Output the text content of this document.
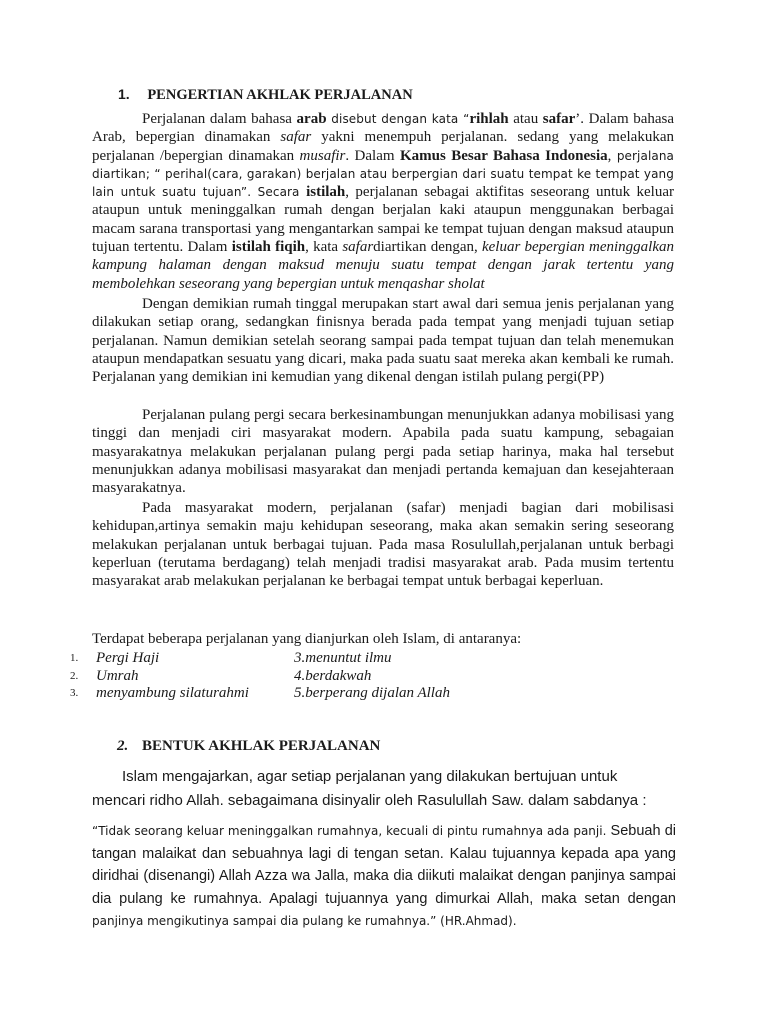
1. PENGERTIAN AKHLAK PERJALANAN

Perjalanan dalam bahasa arab disebut dengan kata “rihlah atau safar’. Dalam bahasa Arab, bepergian dinamakan safar yakni menempuh perjalanan. sedang yang melakukan perjalanan /bepergian dinamakan musafir. Dalam Kamus Besar Bahasa Indonesia, perjalana diartikan; “ perihal(cara, garakan) berjalan atau berpergian dari suatu tempat ke tempat yang lain untuk suatu tujuan”. Secara istilah, perjalanan sebagai aktifitas seseorang untuk keluar ataupun untuk meninggalkan rumah dengan berjalan kaki ataupun menggunakan berbagai macam sarana transportasi yang mengantarkan sampai ke tempat tujuan dengan maksud ataupun tujuan tertentu. Dalam istilah fiqih, kata safardiartikan dengan, keluar bepergian meninggalkan kampung halaman dengan maksud menuju suatu tempat dengan jarak tertentu yang membolehkan seseorang yang bepergian untuk menqashar sholat

Dengan demikian rumah tinggal merupakan start awal dari semua jenis perjalanan yang dilakukan setiap orang, sedangkan finisnya berada pada tempat yang menjadi tujuan setiap perjalanan. Namun demikian setelah seorang sampai pada tempat tujuan dan telah menemukan ataupun mendapatkan sesuatu yang dicari, maka pada suatu saat mereka akan kembali ke rumah. Perjalanan yang demikian ini kemudian yang dikenal dengan istilah pulang pergi(PP)

Perjalanan pulang pergi secara berkesinambungan menunjukkan adanya mobilisasi yang tinggi dan menjadi ciri masyarakat modern. Apabila pada suatu kampung, sebagaian masyarakatnya melakukan perjalanan pulang pergi pada setiap harinya, maka hal tersebut menunjukkan adanya mobilisasi masyarakat dan menjadi pertanda kemajuan dan kesejahteraan masyarakatnya.

Pada masyarakat modern, perjalanan (safar) menjadi bagian dari mobilisasi kehidupan,artinya semakin maju kehidupan seseorang, maka akan semakin sering seseorang melakukan perjalanan untuk berbagai tujuan. Pada masa Rosulullah,perjalanan untuk berbagi keperluan (terutama berdagang) telah menjadi tradisi masyarakat arab. Pada musim tertentu masyarakat arab melakukan perjalanan ke berbagai tempat untuk berbagai keperluan.

Terdapat beberapa perjalanan yang dianjurkan oleh Islam, di antaranya:
1. Pergi Haji	3.menuntut ilmu
2. Umrah	4.berdakwah
3. menyambung silaturahmi	5.berperang dijalan Allah
2. BENTUK AKHLAK PERJALANAN

Islam mengajarkan, agar setiap perjalanan yang dilakukan bertujuan untuk mencari ridho Allah. sebagaimana disinyalir oleh Rasulullah Saw. dalam sabdanya :

“Tidak seorang keluar meninggalkan rumahnya, kecuali di pintu rumahnya ada panji. Sebuah di tangan malaikat dan sebuahnya lagi di tengan setan. Kalau tujuannya kepada apa yang diridhai (disenangi) Allah Azza wa Jalla, maka dia diikuti malaikat dengan panjinya sampai dia pulang ke rumahnya. Apalagi tujuannya yang dimurkai Allah, maka setan dengan panjinya mengikutinya sampai dia pulang ke rumahnya.” (HR.Ahmad).
